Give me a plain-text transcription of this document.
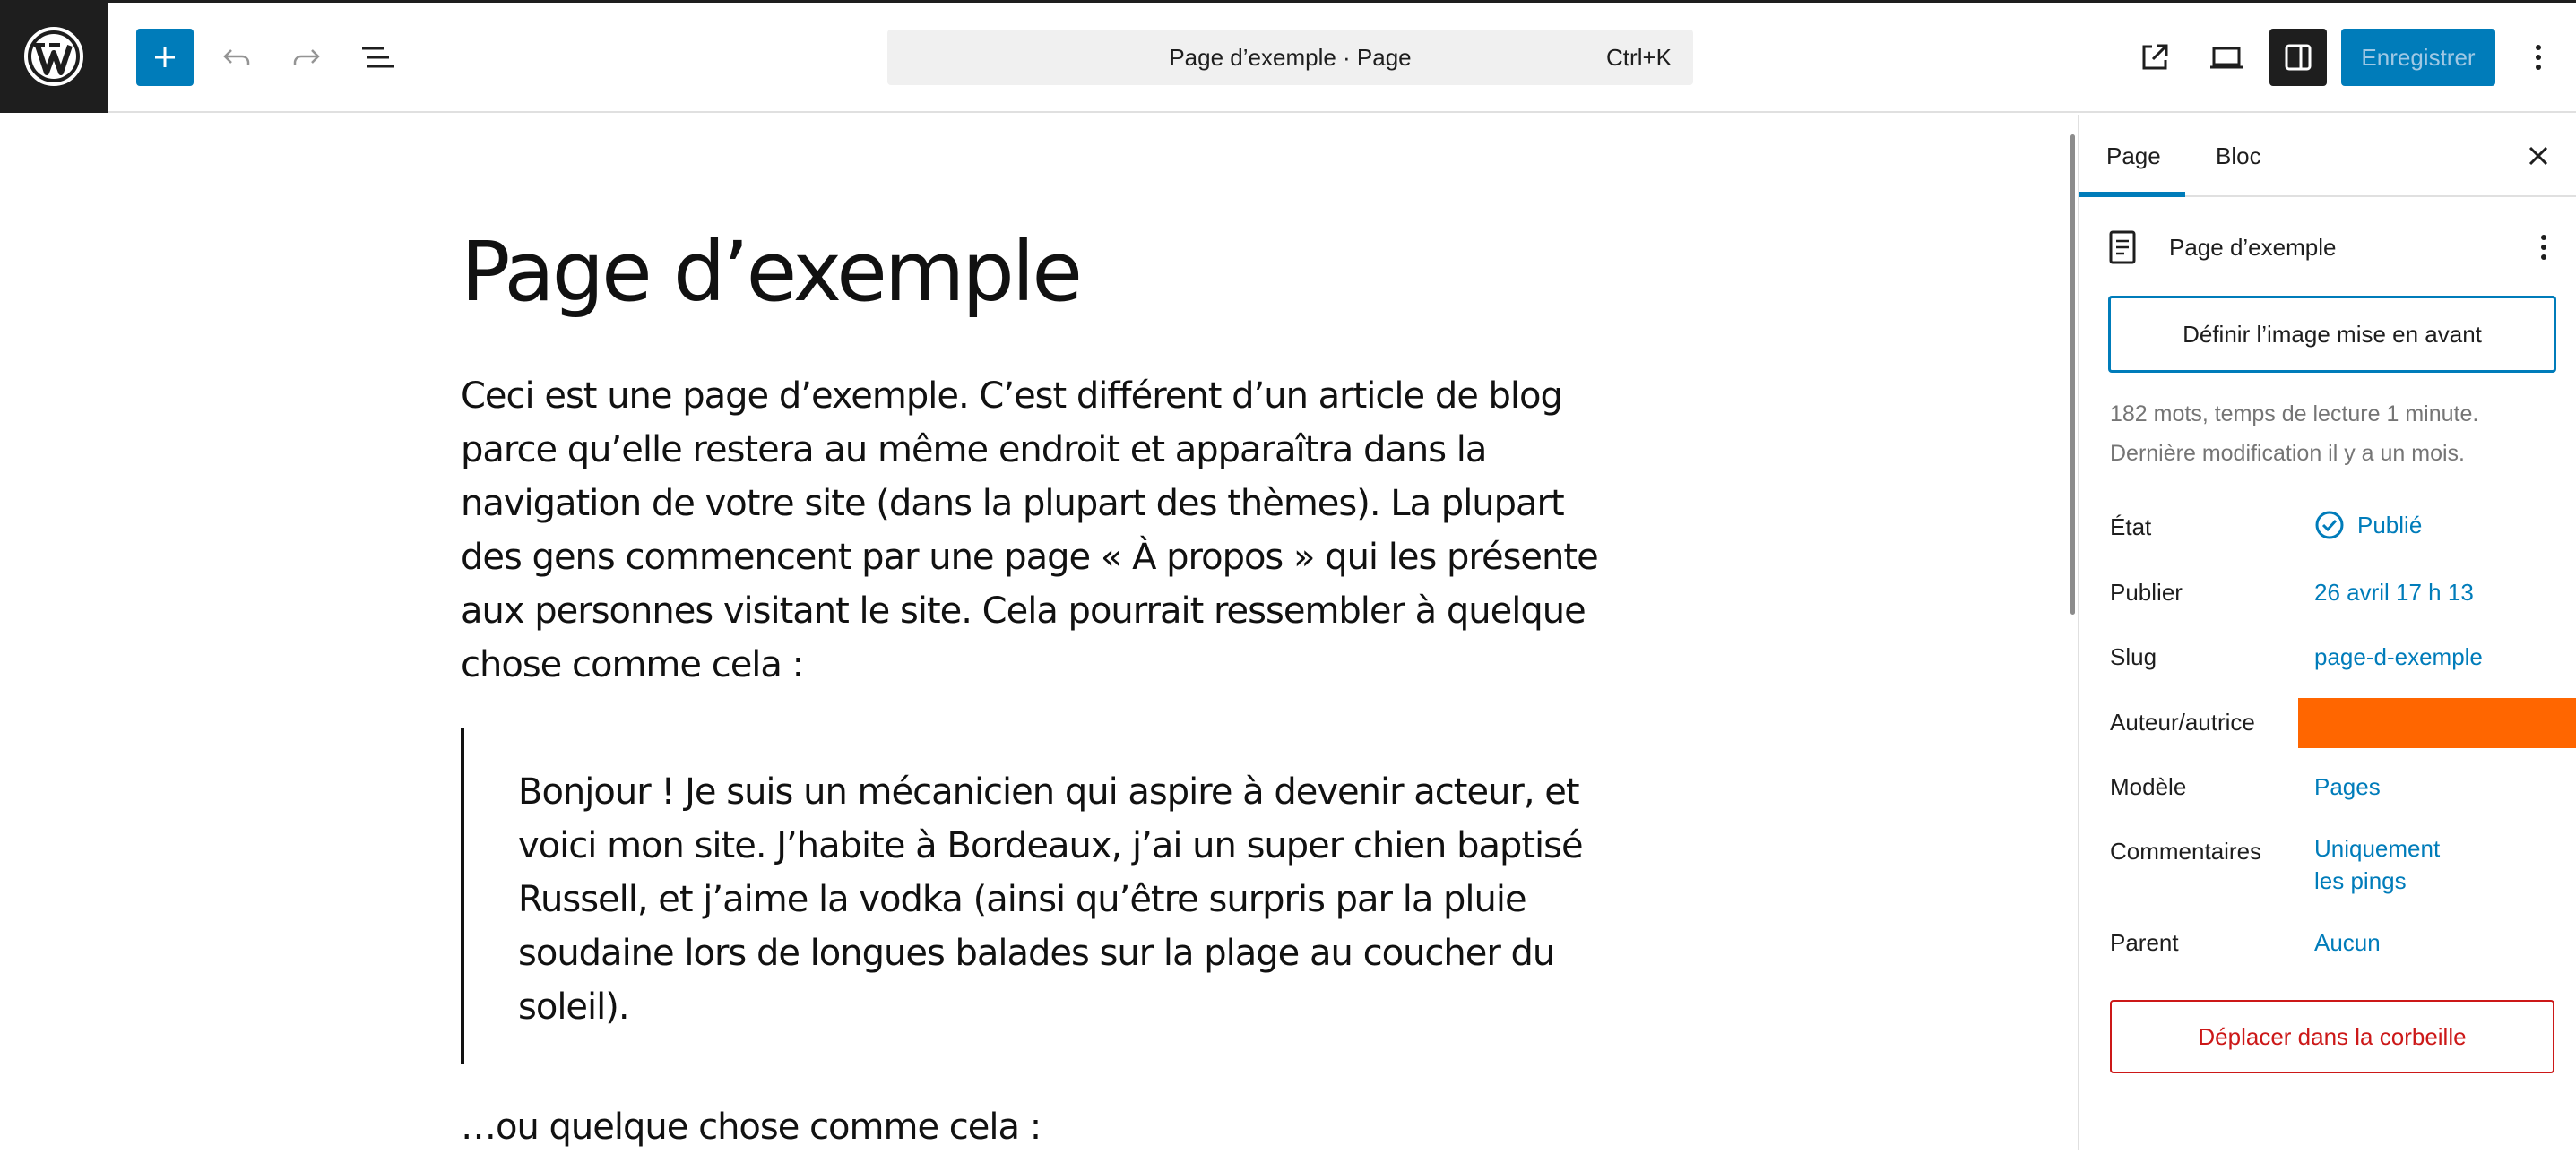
Page d’exemple · Page	Ctrl+K	Enregistrer
Page d’exemple

Ceci est une page d’exemple. C’est différent d’un article de blog parce qu’elle restera au même endroit et apparaîtra dans la navigation de votre site (dans la plupart des thèmes). La plupart des gens commencent par une page « À propos » qui les présente aux personnes visitant le site. Cela pourrait ressembler à quelque chose comme cela :

Bonjour ! Je suis un mécanicien qui aspire à devenir acteur, et voici mon site. J’habite à Bordeaux, j’ai un super chien baptisé Russell, et j’aime la vodka (ainsi qu’être surpris par la pluie soudaine lors de longues balades sur la plage au coucher du soleil).

…ou quelque chose comme cela :

Page Bloc
Page d’exemple
Définir l’image mise en avant
182 mots, temps de lecture 1 minute.
Dernière modification il y a un mois.
État	Publié
Publier	26 avril 17 h 13
Slug	page-d-exemple
Auteur/autrice
Modèle	Pages
Commentaires Uniquement les pings
Parent	Aucun
Déplacer dans la corbeille
